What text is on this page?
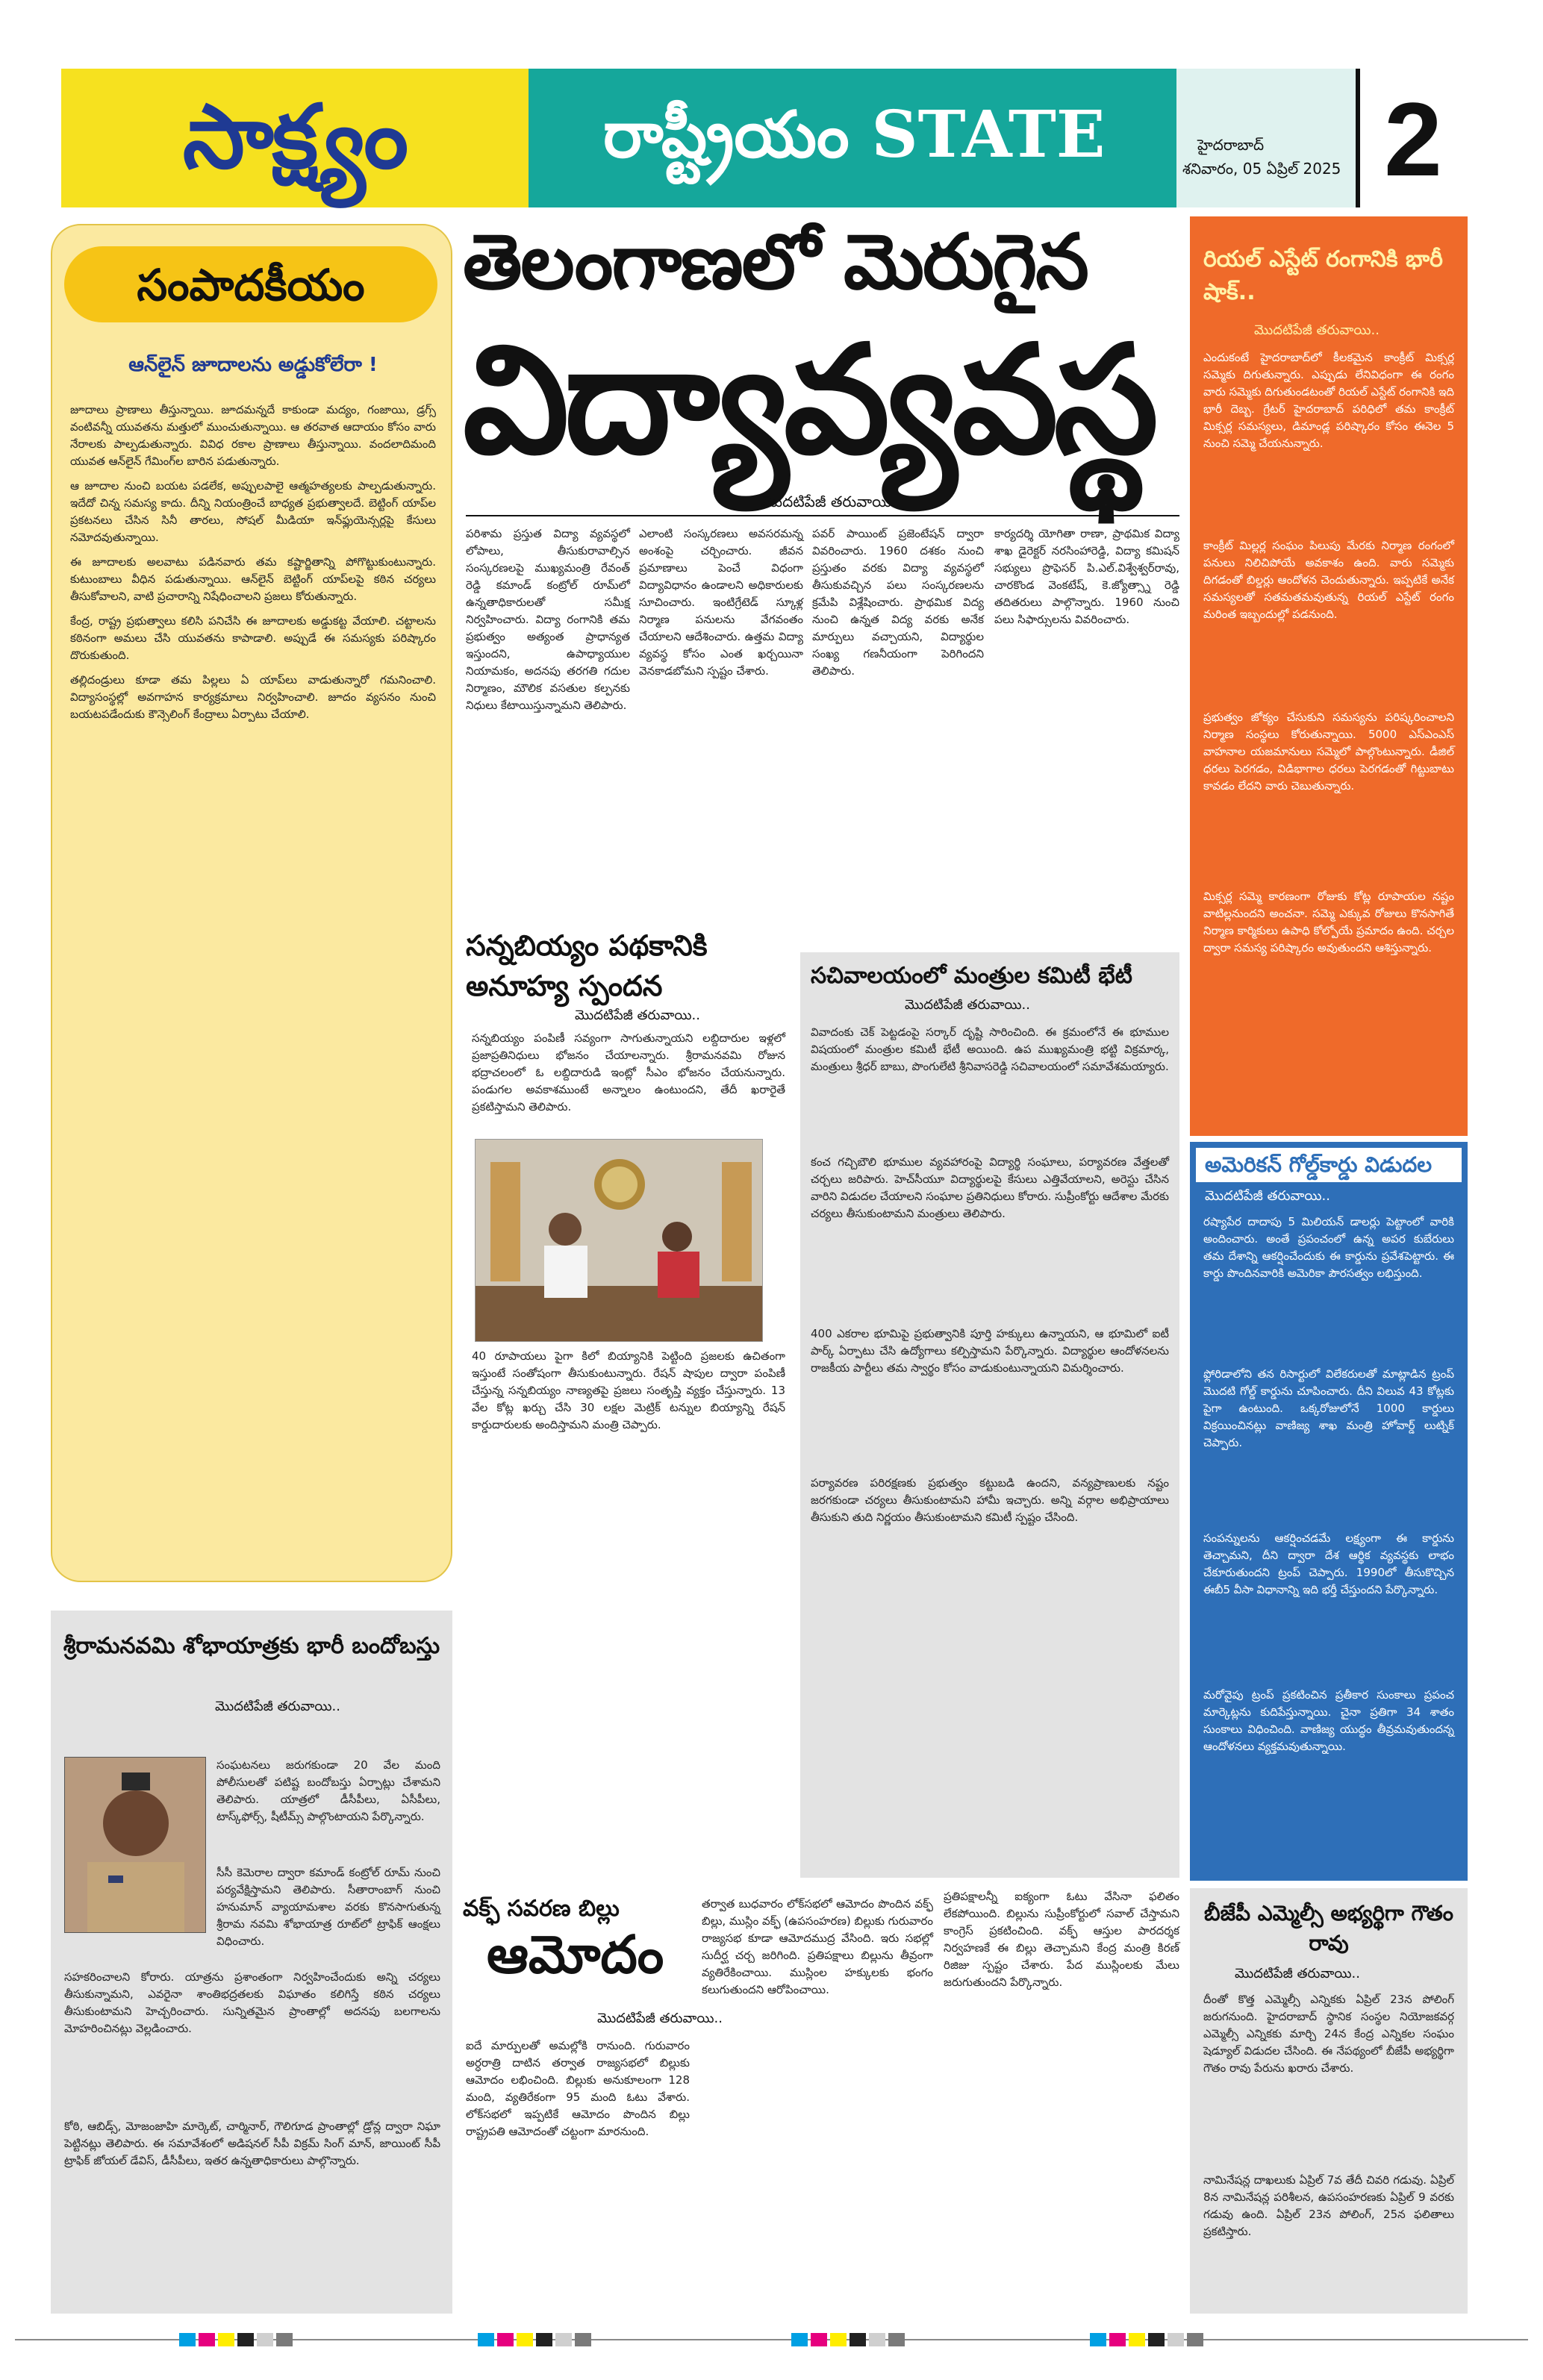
సాక్ష్యం	రాష్ట్రీయం STATE	హైదరాబాద్
శనివారం, 05 ఏప్రిల్ 2025 2
సంపాదకీయం
ఆన్‌లైన్ జూదాలను అడ్డుకోలేరా !

జూదాలు ప్రాణాలు తీస్తున్నాయి. జూదమన్నదే కాకుండా మద్యం, గంజాయి, డ్రగ్స్ వంటివన్నీ యువతను మత్తులో ముంచుతున్నాయి. ఆ తరవాత ఆదాయం కోసం వారు నేరాలకు పాల్పడుతున్నారు. వివిధ రకాల ప్రాణాలు తీస్తున్నాయి. వందలాదిమంది యువత ఆన్‌లైన్ గేమింగ్‌ల బారిన పడుతున్నారు.

ఆ జూదాల నుంచి బయట పడలేక, అప్పులపాలై ఆత్మహత్యలకు పాల్పడుతున్నారు. ఇదేదో చిన్న సమస్య కాదు. దీన్ని నియంత్రించే బాధ్యత ప్రభుత్వాలదే. బెట్టింగ్ యాప్‌ల ప్రకటనలు చేసిన సినీ తారలు, సోషల్ మీడియా ఇన్‌ఫ్లుయెన్సర్లపై కేసులు నమోదవుతున్నాయి.

ఈ జూదాలకు అలవాటు పడినవారు తమ కష్టార్జితాన్ని పోగొట్టుకుంటున్నారు. కుటుంబాలు వీధిన పడుతున్నాయి. ఆన్‌లైన్ బెట్టింగ్ యాప్‌లపై కఠిన చర్యలు తీసుకోవాలని, వాటి ప్రచారాన్ని నిషేధించాలని ప్రజలు కోరుతున్నారు.

కేంద్ర, రాష్ట్ర ప్రభుత్వాలు కలిసి పనిచేసి ఈ జూదాలకు అడ్డుకట్ట వేయాలి. చట్టాలను కఠినంగా అమలు చేసి యువతను కాపాడాలి. అప్పుడే ఈ సమస్యకు పరిష్కారం దొరుకుతుంది.

తల్లిదండ్రులు కూడా తమ పిల్లలు ఏ యాప్‌లు వాడుతున్నారో గమనించాలి. విద్యాసంస్థల్లో అవగాహన కార్యక్రమాలు నిర్వహించాలి. జూదం వ్యసనం నుంచి బయటపడేందుకు కౌన్సెలింగ్ కేంద్రాలు ఏర్పాటు చేయాలి.

తెలంగాణలో మెరుగైన
విద్యావ్యవస్థ
మొదటిపేజీ తరువాయి..
పరిశామ ప్రస్తుత విద్యా వ్యవస్థలో లోపాలు, తీసుకురావాల్సిన సంస్కరణలపై ముఖ్యమంత్రి రేవంత్ రెడ్డి కమాండ్ కంట్రోల్ రూమ్‌లో ఉన్నతాధికారులతో సమీక్ష నిర్వహించారు. విద్యా రంగానికి తమ ప్రభుత్వం అత్యంత ప్రాధాన్యత ఇస్తుందని, ఉపాధ్యాయుల నియామకం, అదనపు తరగతి గదుల నిర్మాణం, మౌలిక వసతుల కల్పనకు నిధులు కేటాయిస్తున్నామని తెలిపారు.
ఎలాంటి సంస్కరణలు అవసరమన్న అంశంపై చర్చించారు. జీవన ప్రమాణాలు పెంచే విధంగా విద్యావిధానం ఉండాలని అధికారులకు సూచించారు. ఇంటిగ్రేటెడ్ స్కూళ్ల నిర్మాణ పనులను వేగవంతం చేయాలని ఆదేశించారు. ఉత్తమ విద్యా వ్యవస్థ కోసం ఎంత ఖర్చయినా వెనకాడబోమని స్పష్టం చేశారు.
పవర్ పాయింట్ ప్రజెంటేషన్ ద్వారా వివరించారు. 1960 దశకం నుంచి ప్రస్తుతం వరకు విద్యా వ్యవస్థలో తీసుకువచ్చిన పలు సంస్కరణలను క్రమేపి విశ్లేషించారు. ప్రాథమిక విద్య నుంచి ఉన్నత విద్య వరకు అనేక మార్పులు వచ్చాయని, విద్యార్థుల సంఖ్య గణనీయంగా పెరిగిందని తెలిపారు.
కార్యదర్శి యోగితా రాణా, ప్రాథమిక విద్యా శాఖ డైరెక్టర్ నరసింహారెడ్డి, విద్యా కమిషన్ సభ్యులు ప్రొఫెసర్ పి.ఎల్.విశ్వేశ్వర్‌రావు, చారకొండ వెంకటేష్, కె.జ్యోత్స్నా రెడ్డి తదితరులు పాల్గొన్నారు. 1960 నుంచి పలు సిఫార్సులను వివరించారు.
సన్నబియ్యం పథకానికి అనూహ్య స్పందన
మొదటిపేజీ తరువాయి..
సన్నబియ్యం పంపిణీ సవ్యంగా సాగుతున్నాయని లబ్దిదారుల ఇళ్లలో ప్రజాప్రతినిధులు భోజనం చేయాలన్నారు. శ్రీరామనవమి రోజున భద్రాచలంలో ఓ లబ్దిదారుడి ఇంట్లో సీఎం భోజనం చేయనున్నారు. పండుగల అవకాశముంటే అన్నాలం ఉంటుందని, తేదీ ఖరారైతే ప్రకటిస్తామని తెలిపారు.
40 రూపాయలు పైగా కిలో బియ్యానికి పెట్టింది ప్రజలకు ఉచితంగా ఇస్తుంటే సంతోషంగా తీసుకుంటున్నారు. రేషన్ షాపుల ద్వారా పంపిణీ చేస్తున్న సన్నబియ్యం నాణ్యతపై ప్రజలు సంతృప్తి వ్యక్తం చేస్తున్నారు. 13 వేల కోట్ల ఖర్చు చేసి 30 లక్షల మెట్రిక్ టన్నుల బియ్యాన్ని రేషన్ కార్డుదారులకు అందిస్తామని మంత్రి చెప్పారు.
సచివాలయంలో మంత్రుల కమిటీ భేటీ
మొదటిపేజీ తరువాయి..
వివాదంకు చెక్ పెట్టడంపై సర్కార్ దృష్టి సారించింది. ఈ క్రమంలోనే ఈ భూముల విషయంలో మంత్రుల కమిటీ భేటీ అయింది. ఉప ముఖ్యమంత్రి భట్టి విక్రమార్క, మంత్రులు శ్రీధర్ బాబు, పొంగులేటి శ్రీనివాసరెడ్డి సచివాలయంలో సమావేశమయ్యారు.
కంచ గచ్చిబౌలి భూముల వ్యవహారంపై విద్యార్థి సంఘాలు, పర్యావరణ వేత్తలతో చర్చలు జరిపారు. హెచ్‌సీయూ విద్యార్థులపై కేసులు ఎత్తివేయాలని, అరెస్టు చేసిన వారిని విడుదల చేయాలని సంఘాల ప్రతినిధులు కోరారు. సుప్రీంకోర్టు ఆదేశాల మేరకు చర్యలు తీసుకుంటామని మంత్రులు తెలిపారు.
400 ఎకరాల భూమిపై ప్రభుత్వానికి పూర్తి హక్కులు ఉన్నాయని, ఆ భూమిలో ఐటీ పార్క్ ఏర్పాటు చేసి ఉద్యోగాలు కల్పిస్తామని పేర్కొన్నారు. విద్యార్థుల ఆందోళనలను రాజకీయ పార్టీలు తమ స్వార్థం కోసం వాడుకుంటున్నాయని విమర్శించారు.
పర్యావరణ పరిరక్షణకు ప్రభుత్వం కట్టుబడి ఉందని, వన్యప్రాణులకు నష్టం జరగకుండా చర్యలు తీసుకుంటామని హామీ ఇచ్చారు. అన్ని వర్గాల అభిప్రాయాలు తీసుకుని తుది నిర్ణయం తీసుకుంటామని కమిటీ స్పష్టం చేసింది.
రియల్ ఎస్టేట్ రంగానికి భారీ షాక్..
మొదటిపేజీ తరువాయి..
ఎందుకంటే హైదరాబాద్‌లో కీలకమైన కాంక్రీట్ మిక్సర్ల సమ్మెకు దిగుతున్నారు. ఎప్పుడు లేనివిధంగా ఈ రంగం వారు సమ్మెకు దిగుతుండటంతో రియల్ ఎస్టేట్ రంగానికి ఇది భారీ దెబ్బ. గ్రేటర్ హైదరాబాద్ పరిధిలో తమ కాంక్రీట్ మిక్సర్ల సమస్యలు, డిమాండ్ల పరిష్కారం కోసం ఈనెల 5 నుంచి సమ్మె చేయనున్నారు.
కాంక్రీట్ మిల్లర్ల సంఘం పిలుపు మేరకు నిర్మాణ రంగంలో పనులు నిలిచిపోయే అవకాశం ఉంది. వారు సమ్మెకు దిగడంతో బిల్డర్లు ఆందోళన చెందుతున్నారు. ఇప్పటికే అనేక సమస్యలతో సతమతమవుతున్న రియల్ ఎస్టేట్ రంగం మరింత ఇబ్బందుల్లో పడనుంది.
ప్రభుత్వం జోక్యం చేసుకుని సమస్యను పరిష్కరించాలని నిర్మాణ సంస్థలు కోరుతున్నాయి. 5000 ఎస్‌ఎంఎస్ వాహనాల యజమానులు సమ్మెలో పాల్గొంటున్నారు. డీజిల్ ధరలు పెరగడం, విడిభాగాల ధరలు పెరగడంతో గిట్టుబాటు కావడం లేదని వారు చెబుతున్నారు.
మిక్సర్ల సమ్మె కారణంగా రోజుకు కోట్ల రూపాయల నష్టం వాటిల్లనుందని అంచనా. సమ్మె ఎక్కువ రోజులు కొనసాగితే నిర్మాణ కార్మికులు ఉపాధి కోల్పోయే ప్రమాదం ఉంది. చర్చల ద్వారా సమస్య పరిష్కారం అవుతుందని ఆశిస్తున్నారు.
అమెరికన్ గోల్డ్‌కార్డు విడుదల
మొదటిపేజీ తరువాయి..
రష్యాపేర దాదాపు 5 మిలియన్ డాలర్లు పెట్టాంలో వారికి అందించారు. అంతే ప్రపంచంలో ఉన్న అపర కుబేరులు తమ దేశాన్ని ఆకర్షించేందుకు ఈ కార్డును ప్రవేశపెట్టారు. ఈ కార్డు పొందినవారికి అమెరికా పౌరసత్వం లభిస్తుంది.
ఫ్లోరిడాలోని తన రిసార్టులో విలేకరులతో మాట్లాడిన ట్రంప్ మొదటి గోల్డ్ కార్డును చూపించారు. దీని విలువ 43 కోట్లకు పైగా ఉంటుంది. ఒక్కరోజులోనే 1000 కార్డులు విక్రయించినట్లు వాణిజ్య శాఖ మంత్రి హోవార్డ్ లుట్నిక్ చెప్పారు.
సంపన్నులను ఆకర్షించడమే లక్ష్యంగా ఈ కార్డును తెచ్చామని, దీని ద్వారా దేశ ఆర్థిక వ్యవస్థకు లాభం చేకూరుతుందని ట్రంప్ చెప్పారు. 1990లో తీసుకొచ్చిన ఈబీ5 వీసా విధానాన్ని ఇది భర్తీ చేస్తుందని పేర్కొన్నారు.
మరోవైపు ట్రంప్ ప్రకటించిన ప్రతీకార సుంకాలు ప్రపంచ మార్కెట్లను కుదిపేస్తున్నాయి. చైనా ప్రతిగా 34 శాతం సుంకాలు విధించింది. వాణిజ్య యుద్ధం తీవ్రమవుతుందన్న ఆందోళనలు వ్యక్తమవుతున్నాయి.
బీజేపీ ఎమ్మెల్సీ అభ్యర్థిగా గౌతం రావు
మొదటిపేజీ తరువాయి..
దీంతో కొత్త ఎమ్మెల్సీ ఎన్నికకు ఏప్రిల్ 23న పోలింగ్ జరుగనుంది. హైదరాబాద్ స్థానిక సంస్థల నియోజకవర్గ ఎమ్మెల్సీ ఎన్నికకు మార్చి 24న కేంద్ర ఎన్నికల సంఘం షెడ్యూల్ విడుదల చేసింది. ఈ నేపథ్యంలో బీజేపీ అభ్యర్థిగా గౌతం రావు పేరును ఖరారు చేశారు.
నామినేషన్ల దాఖలుకు ఏప్రిల్ 7వ తేదీ చివరి గడువు. ఏప్రిల్ 8న నామినేషన్ల పరిశీలన, ఉపసంహరణకు ఏప్రిల్ 9 వరకు గడువు ఉంది. ఏప్రిల్ 23న పోలింగ్, 25న ఫలితాలు ప్రకటిస్తారు.
శ్రీరామనవమి శోభాయాత్రకు భారీ బందోబస్తు
మొదటిపేజీ తరువాయి..
సంఘటనలు జరుగకుండా 20 వేల మంది పోలీసులతో పటిష్ట బందోబస్తు ఏర్పాట్లు చేశామని తెలిపారు. యాత్రలో డీసీపీలు, ఏసీపీలు, టాస్క్‌ఫోర్స్, షీటీమ్స్ పాల్గొంటాయని పేర్కొన్నారు.
సీసీ కెమెరాల ద్వారా కమాండ్ కంట్రోల్ రూమ్ నుంచి పర్యవేక్షిస్తామని తెలిపారు. సీతారాంబాగ్ నుంచి హనుమాన్ వ్యాయామశాల వరకు కొనసాగుతున్న శ్రీరామ నవమి శోభాయాత్ర రూట్‌లో ట్రాఫిక్ ఆంక్షలు విధించారు.
సహకరించాలని కోరారు. యాత్రను ప్రశాంతంగా నిర్వహించేందుకు అన్ని చర్యలు తీసుకున్నామని, ఎవరైనా శాంతిభద్రతలకు విఘాతం కలిగిస్తే కఠిన చర్యలు తీసుకుంటామని హెచ్చరించారు. సున్నితమైన ప్రాంతాల్లో అదనపు బలగాలను మోహరించినట్లు వెల్లడించారు.
కోఠి, ఆబిడ్స్, మోజంజాహి మార్కెట్, చార్మినార్, గౌలిగూడ ప్రాంతాల్లో డ్రోన్ల ద్వారా నిఘా పెట్టినట్లు తెలిపారు. ఈ సమావేశంలో అడిషనల్ సీపీ విక్రమ్ సింగ్ మాన్, జాయింట్ సీపీ ట్రాఫిక్ జోయల్ డేవిస్, డీసీపీలు, ఇతర ఉన్నతాధికారులు పాల్గొన్నారు.
వక్ఫ్ సవరణ బిల్లు
ఆమోదం
మొదటిపేజీ తరువాయి..
ఐదే మార్పులతో అమల్లోకి రానుంది. గురువారం అర్ధరాత్రి దాటిన తర్వాత రాజ్యసభలో బిల్లుకు ఆమోదం లభించింది. బిల్లుకు అనుకూలంగా 128 మంది, వ్యతిరేకంగా 95 మంది ఓటు వేశారు. లోక్‌సభలో ఇప్పటికే ఆమోదం పొందిన బిల్లు రాష్ట్రపతి ఆమోదంతో చట్టంగా మారనుంది.
తర్వాత బుధవారం లోక్‌సభలో ఆమోదం పొందిన వక్ఫ్ బిల్లు, ముస్లిం వక్ఫ్ (ఉపసంహరణ) బిల్లుకు గురువారం రాజ్యసభ కూడా ఆమోదముద్ర వేసింది. ఇరు సభల్లో సుదీర్ఘ చర్చ జరిగింది. ప్రతిపక్షాలు బిల్లును తీవ్రంగా వ్యతిరేకించాయి. ముస్లింల హక్కులకు భంగం కలుగుతుందని ఆరోపించాయి.
ప్రతిపక్షాలన్నీ ఐక్యంగా ఓటు వేసినా ఫలితం లేకపోయింది. బిల్లును సుప్రీంకోర్టులో సవాల్ చేస్తామని కాంగ్రెస్ ప్రకటించింది. వక్ఫ్ ఆస్తుల పారదర్శక నిర్వహణకే ఈ బిల్లు తెచ్చామని కేంద్ర మంత్రి కిరణ్ రిజిజు స్పష్టం చేశారు. పేద ముస్లింలకు మేలు జరుగుతుందని పేర్కొన్నారు.
